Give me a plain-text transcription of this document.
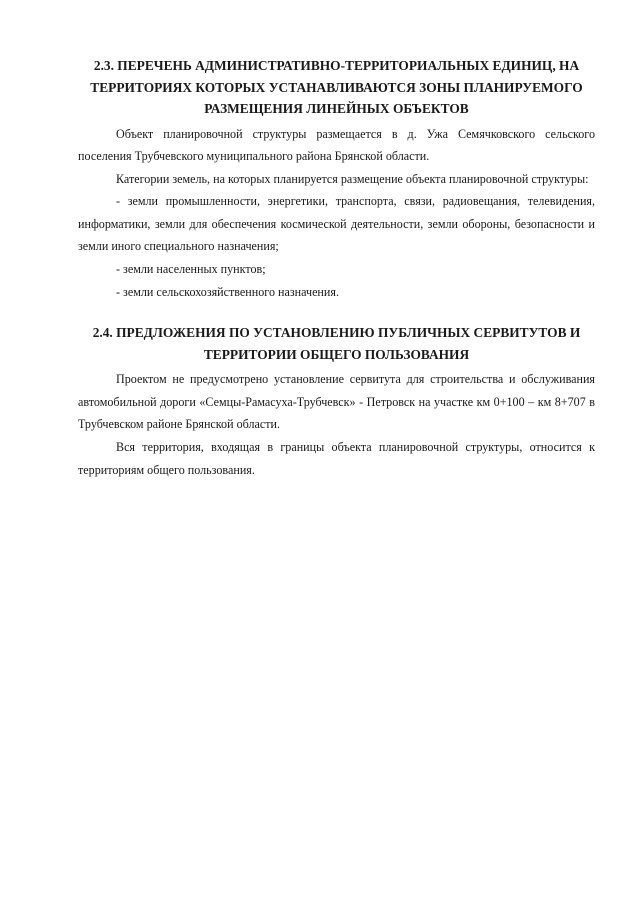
2.3. ПЕРЕЧЕНЬ АДМИНИСТРАТИВНО-ТЕРРИТОРИАЛЬНЫХ ЕДИНИЦ, НА
ТЕРРИТОРИЯХ КОТОРЫХ УСТАНАВЛИВАЮТСЯ ЗОНЫ ПЛАНИРУЕМОГО
РАЗМЕЩЕНИЯ ЛИНЕЙНЫХ ОБЪЕКТОВ

Объект планировочной структуры размещается в д. Ужа Семячковского сельского поселения Трубчевского муниципального района Брянской области.

Категории земель, на которых планируется размещение объекта планировочной структуры:

- земли промышленности, энергетики, транспорта, связи, радиовещания, телевидения, информатики, земли для обеспечения космической деятельности, земли обороны, безопасности и земли иного специального назначения;

- земли населенных пунктов;

- земли сельскохозяйственного назначения.

2.4. ПРЕДЛОЖЕНИЯ ПО УСТАНОВЛЕНИЮ ПУБЛИЧНЫХ СЕРВИТУТОВ И
ТЕРРИТОРИИ ОБЩЕГО ПОЛЬЗОВАНИЯ

Проектом не предусмотрено установление сервитута для строительства и обслуживания автомобильной дороги «Семцы-Рамасуха-Трубчевск» - Петровск на участке км 0+100 – км 8+707 в Трубчевском районе Брянской области.

Вся территория, входящая в границы объекта планировочной структуры, относится к территориям общего пользования.
